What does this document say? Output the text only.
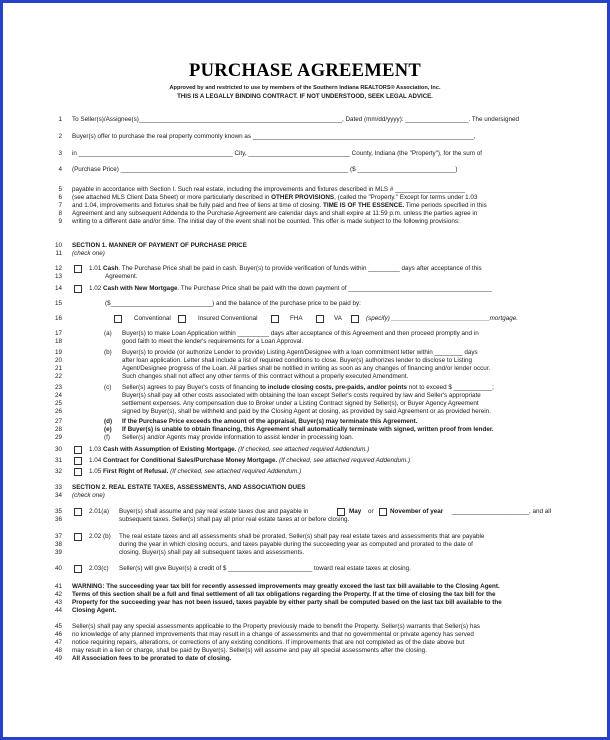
PURCHASE AGREEMENT
Approved by and restricted to use by members of the Southern Indiana REALTORS® Association, Inc.
THIS IS A LEGALLY BINDING CONTRACT. IF NOT UNDERSTOOD, SEEK LEGAL ADVICE.
1
2
3
4
5
6
7
8
9
10
11
12
13
14
15
16
17
18
19
20
21
22
23
24
25
26
27
28
29
30
31
32
33
34
35
36
37
38
39
40
41
42
43
44
45
46
47
48
49
To Seller(s)/Assignee(s)__________________________________________________________, Dated (mm/dd/yyyy): __________________. The undersigned
Buyer(s) offer to purchase the real property commonly known as _______________________________________________________________,
in ____________________________________________ City, _____________________________ County, Indiana (the "Property"), for the sum of
(Purchase Price) _________________________________________________________________ ($ ____________________________)
payable in accordance with Section I. Such real estate, including the improvements and fixtures described in MLS # ____________________
(see attached MLS Client Data Sheet) or more particularly described in OTHER PROVISIONS, (called the "Property." Except for terms under 1.03
and 1.04, improvements and fixtures shall be fully paid and free of liens at time of closing. TIME IS OF THE ESSENCE. Time periods specified in this
Agreement and any subsequent Addenda to the Purchase Agreement are calendar days and shall expire at 11:59 p.m. unless the parties agree in
writing to a different date and/or time. The initial day of the event shall not be counted. This offer is made subject to the following provisions:
SECTION 1. MANNER OF PAYMENT OF PURCHASE PRICE
(check one)
1.01 Cash. The Purchase Price shall be paid in cash. Buyer(s) to provide verification of funds within _________ days after acceptance of this
Agreement.
1.02 Cash with New Mortgage. The Purchase Price shall be paid with the down payment of _________________________________________
($_____________________________) and the balance of the purchase price to be paid by:
Conventional	Insured Conventional	FHA	VA	(specify) ____________________________mortgage.
(a) Buyer(s) to make Loan Application within _________ days after acceptance of this Agreement and then proceed promptly and in
good faith to meet the lender's requirements for a Loan Approval.
(b) Buyer(s) to provide (or authorize Lender to provide) Listing Agent/Designee with a loan commitment letter within ________ days
after loan application. Letter shall include a list of required conditions to close. Buyer(s) authorizes lender to disclose to Listing
Agent/Designee progress of the Loan. All parties shall be notified in writing as soon as any changes of financing and/or lender occur.
Such changes shall not affect any other terms of this contract without a properly executed Amendment.
(c) Seller(s) agrees to pay Buyer's costs of financing to include closing costs, pre-paids, and/or points not to exceed $ ___________;
Buyer(s) shall pay all other costs associated with obtaining the loan except Seller's costs required by law and Seller's appropriate
settlement expenses. Any compensation due to Broker under a Listing Contract signed by Seller(s), or Buyer Agency Agreement
signed by Buyer(s), shall be withheld and paid by the Closing Agent at closing, as provided by said Agreement or as provided herein.
(d) If the Purchase Price exceeds the amount of the appraisal, Buyer(s) may terminate this Agreement.
(e) If Buyer(s) is unable to obtain financing, this Agreement shall automatically terminate with signed, written proof from lender.
(f) Seller(s) and/or Agents may provide information to assist lender in processing loan.
1.03 Cash with Assumption of Existing Mortgage. (If checked, see attached required Addendum.)
1.04 Contract for Conditional Sales/Purchase Money Mortgage. (If checked, see attached required Addendum.)
1.05 First Right of Refusal. (If checked, see attached required Addendum.)
SECTION 2. REAL ESTATE TAXES, ASSESSMENTS, AND ASSOCIATION DUES
(check one)
2.01(a) Buyer(s) shall assume and pay real estate taxes due and payable in	May or	November of year ______________________, and all
subsequent taxes. Seller(s) shall pay all prior real estate taxes at or before closing.
2.02 (b) The real estate taxes and all assessments shall be prorated. Seller(s) shall pay real estate taxes and assessments that are payable
during the year in which closing occurs, and taxes payable during the succeeding year as computed and prorated to the date of
closing. Buyer(s) shall pay all subsequent taxes and assessments.
2.03(c) Seller(s) will give Buyer(s) a credit of $ ________________________ toward real estate taxes at closing.
WARNING: The succeeding year tax bill for recently assessed improvements may greatly exceed the last tax bill available to the Closing Agent.
Terms of this section shall be a full and final settlement of all tax obligations regarding the Property. If at the time of closing the tax bill for the
Property for the succeeding year has not been issued, taxes payable by either party shall be computed based on the last tax bill available to the
Closing Agent.
Seller(s) shall pay any special assessments applicable to the Property previously made to benefit the Property. Seller(s) warrants that Seller(s) has
no knowledge of any planned improvements that may result in a change of assessments and that no governmental or private agency has served
notice requiring repairs, alterations, or corrections of any existing conditions. If improvements that are not completed as of the date above but
may result in a lien or charge, shall be paid by Buyer(s). Seller(s) will assume and pay all special assessments after the closing.
All Association fees to be prorated to date of closing.
